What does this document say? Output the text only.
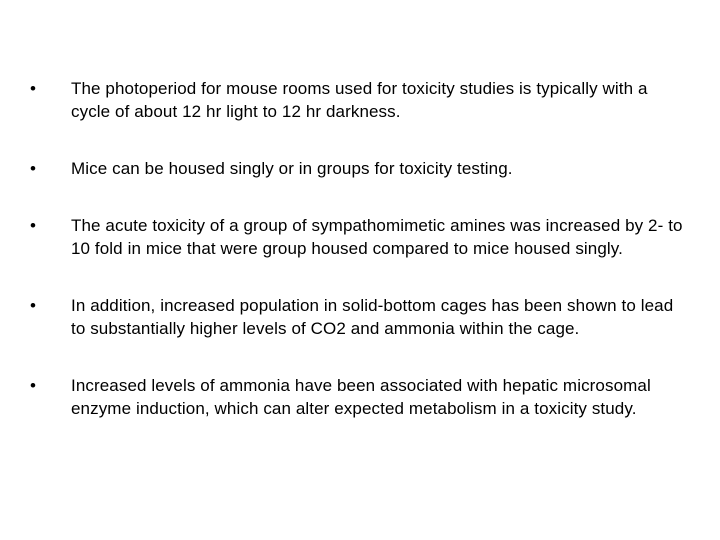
•	The photoperiod for mouse rooms used for toxicity studies is typically with a cycle of about 12 hr light to 12 hr darkness.
•	Mice can be housed singly or in groups for toxicity testing.
•	The acute toxicity of a group of sympathomimetic amines was increased by 2- to 10 fold in mice that were group housed compared to mice housed singly.
•	In addition, increased population in solid-bottom cages has been shown to lead to substantially higher levels of CO2 and ammonia within the cage.
•	Increased levels of ammonia have been associated with hepatic microsomal enzyme induction, which can alter expected metabolism in a toxicity study.
